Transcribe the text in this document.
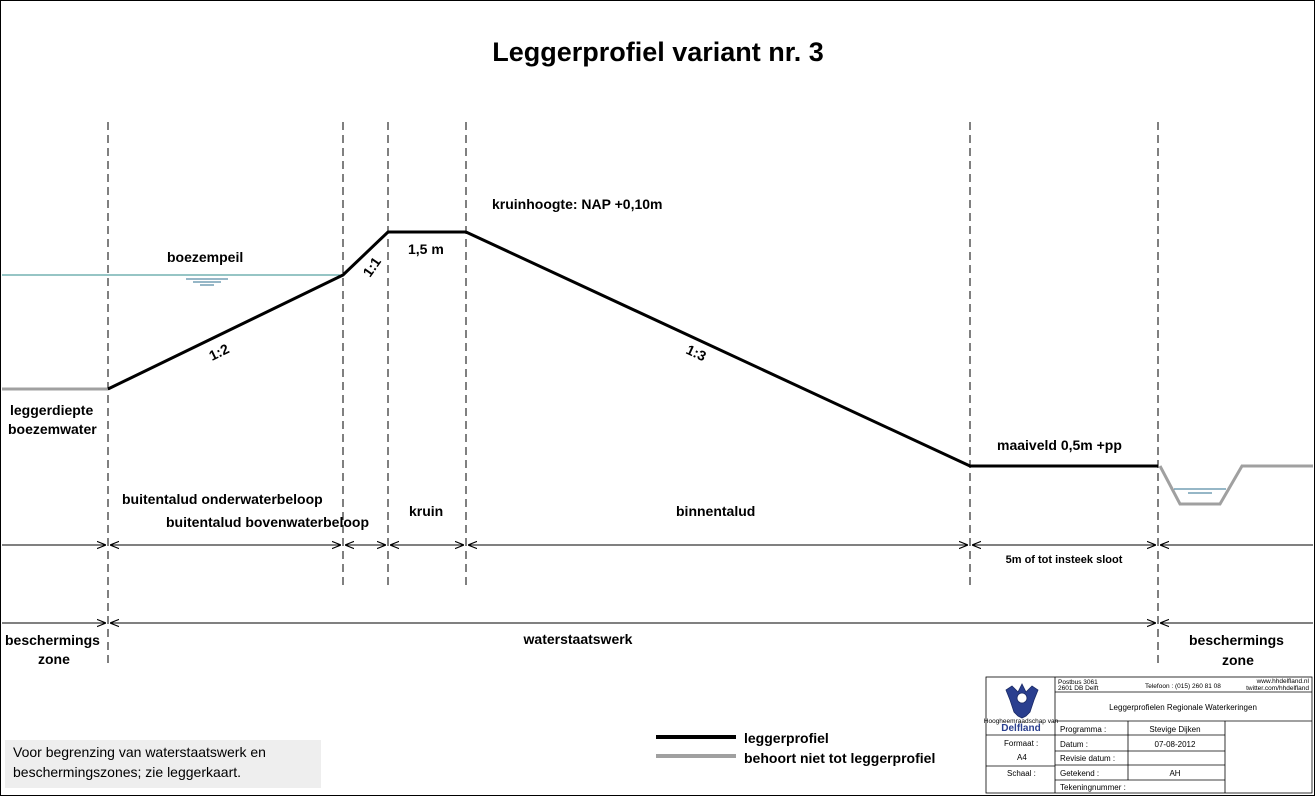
Leggerprofiel variant nr. 3
kruinhoogte: NAP +0,10m
boezempeil	1:1
1,5 m
1:2	1:3
leggerdiepte
boezemwater
maaiveld 0,5m +pp
buitentalud onderwaterbeloop
buitentalud bovenwaterbeloop
kruin	binnentalud
5m of tot insteek sloot
beschermings
zone
waterstaatswerk	beschermings
zone
leggerprofiel
behoort niet tot leggerprofiel
Hoogheemraadschap van
Delfland
Postbus 3061
2601 DB Delft	Telefoon : (015) 260 81 08
www.hhdelfland.nl
twitter.com/hhdelfland
Leggerprofielen Regionale Waterkeringen
Formaat :
A4
Schaal :
Programma :	Stevige Dijken
Datum :	07-08-2012
Revisie datum :
Getekend :	AH
Tekeningnummer :
Voor begrenzing van waterstaatswerk en
beschermingszones; zie leggerkaart.
